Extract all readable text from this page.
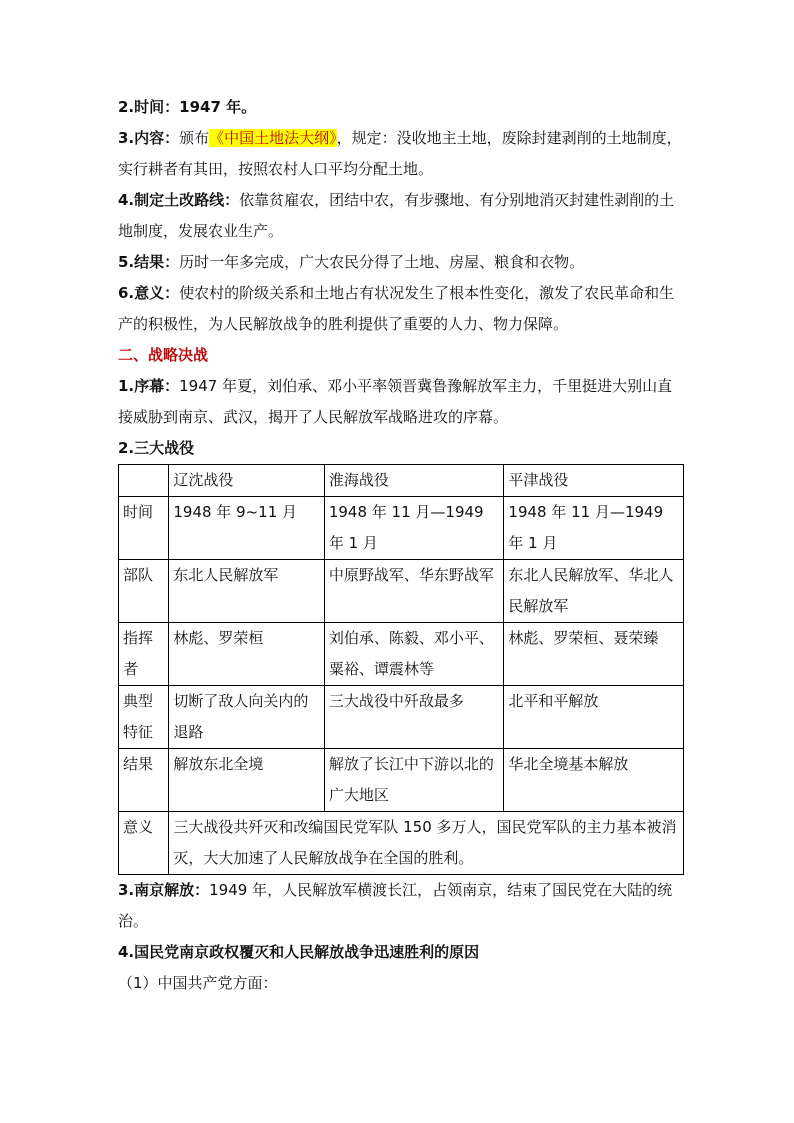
2.时间：1947 年。

3.内容：颁布《中国土地法大纲》，规定：没收地主土地，废除封建剥削的土地制度，实行耕者有其田，按照农村人口平均分配土地。

4.制定土改路线：依靠贫雇农，团结中农，有步骤地、有分别地消灭封建性剥削的土地制度，发展农业生产。

5.结果：历时一年多完成，广大农民分得了土地、房屋、粮食和衣物。

6.意义：使农村的阶级关系和土地占有状况发生了根本性变化，激发了农民革命和生产的积极性，为人民解放战争的胜利提供了重要的人力、物力保障。

二、战略决战

1.序幕：1947 年夏，刘伯承、邓小平率领晋冀鲁豫解放军主力，千里挺进大别山直接威胁到南京、武汉，揭开了人民解放军战略进攻的序幕。

2.三大战役

	辽沈战役	淮海战役	平津战役
时间	1948 年 9~11 月	1948 年 11 月—1949 年 1 月	1948 年 11 月—1949 年 1 月
部队	东北人民解放军	中原野战军、华东野战军	东北人民解放军、华北人民解放军
指挥者	林彪、罗荣桓	刘伯承、陈毅、邓小平、粟裕、谭震林等	林彪、罗荣桓、聂荣臻
典型特征	切断了敌人向关内的退路	三大战役中歼敌最多	北平和平解放
结果	解放东北全境	解放了长江中下游以北的广大地区	华北全境基本解放
意义	三大战役共歼灭和改编国民党军队 150 多万人，国民党军队的主力基本被消灭，大大加速了人民解放战争在全国的胜利。		

3.南京解放：1949 年，人民解放军横渡长江，占领南京，结束了国民党在大陆的统治。

4.国民党南京政权覆灭和人民解放战争迅速胜利的原因

（1）中国共产党方面：
